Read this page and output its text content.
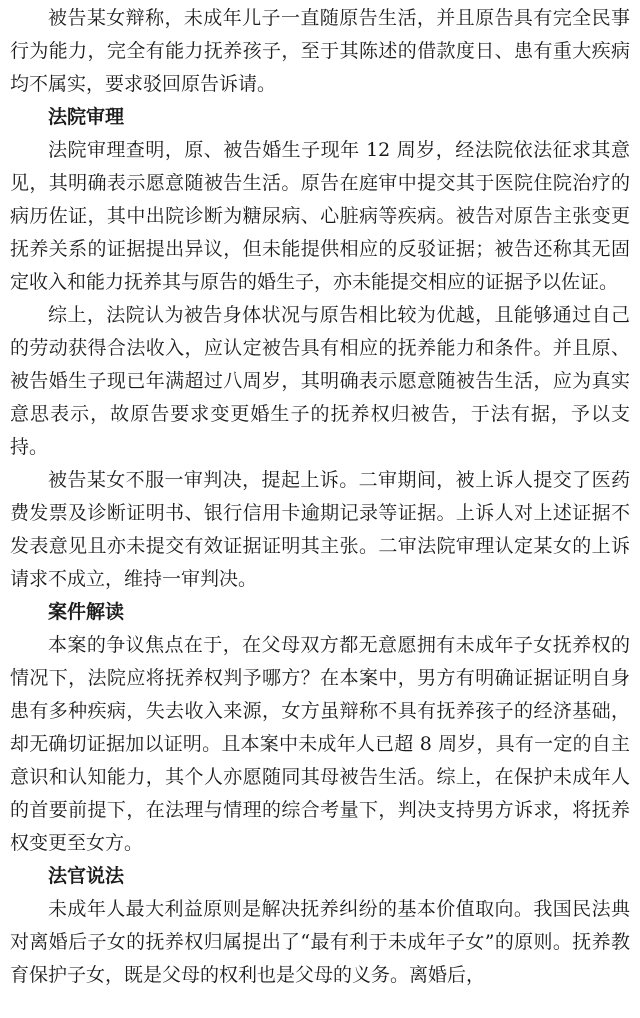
被告某女辩称，未成年儿子一直随原告生活，并且原告具有完全民事行为能力，完全有能力抚养孩子，至于其陈述的借款度日、患有重大疾病均不属实，要求驳回原告诉请。

法院审理

法院审理查明，原、被告婚生子现年 12 周岁，经法院依法征求其意见，其明确表示愿意随被告生活。原告在庭审中提交其于医院住院治疗的病历佐证，其中出院诊断为糖尿病、心脏病等疾病。被告对原告主张变更抚养关系的证据提出异议，但未能提供相应的反驳证据；被告还称其无固定收入和能力抚养其与原告的婚生子，亦未能提交相应的证据予以佐证。

综上，法院认为被告身体状况与原告相比较为优越，且能够通过自己的劳动获得合法收入，应认定被告具有相应的抚养能力和条件。并且原、被告婚生子现已年满超过八周岁，其明确表示愿意随被告生活，应为真实意思表示，故原告要求变更婚生子的抚养权归被告，于法有据，予以支持。

被告某女不服一审判决，提起上诉。二审期间，被上诉人提交了医药费发票及诊断证明书、银行信用卡逾期记录等证据。上诉人对上述证据不发表意见且亦未提交有效证据证明其主张。二审法院审理认定某女的上诉请求不成立，维持一审判决。

案件解读

本案的争议焦点在于，在父母双方都无意愿拥有未成年子女抚养权的情况下，法院应将抚养权判予哪方？在本案中，男方有明确证据证明自身患有多种疾病，失去收入来源，女方虽辩称不具有抚养孩子的经济基础，却无确切证据加以证明。且本案中未成年人已超 8 周岁，具有一定的自主意识和认知能力，其个人亦愿随同其母被告生活。综上，在保护未成年人的首要前提下，在法理与情理的综合考量下，判决支持男方诉求，将抚养权变更至女方。

法官说法

未成年人最大利益原则是解决抚养纠纷的基本价值取向。我国民法典对离婚后子女的抚养权归属提出了“最有利于未成年子女”的原则。抚养教育保护子女，既是父母的权利也是父母的义务。离婚后，
